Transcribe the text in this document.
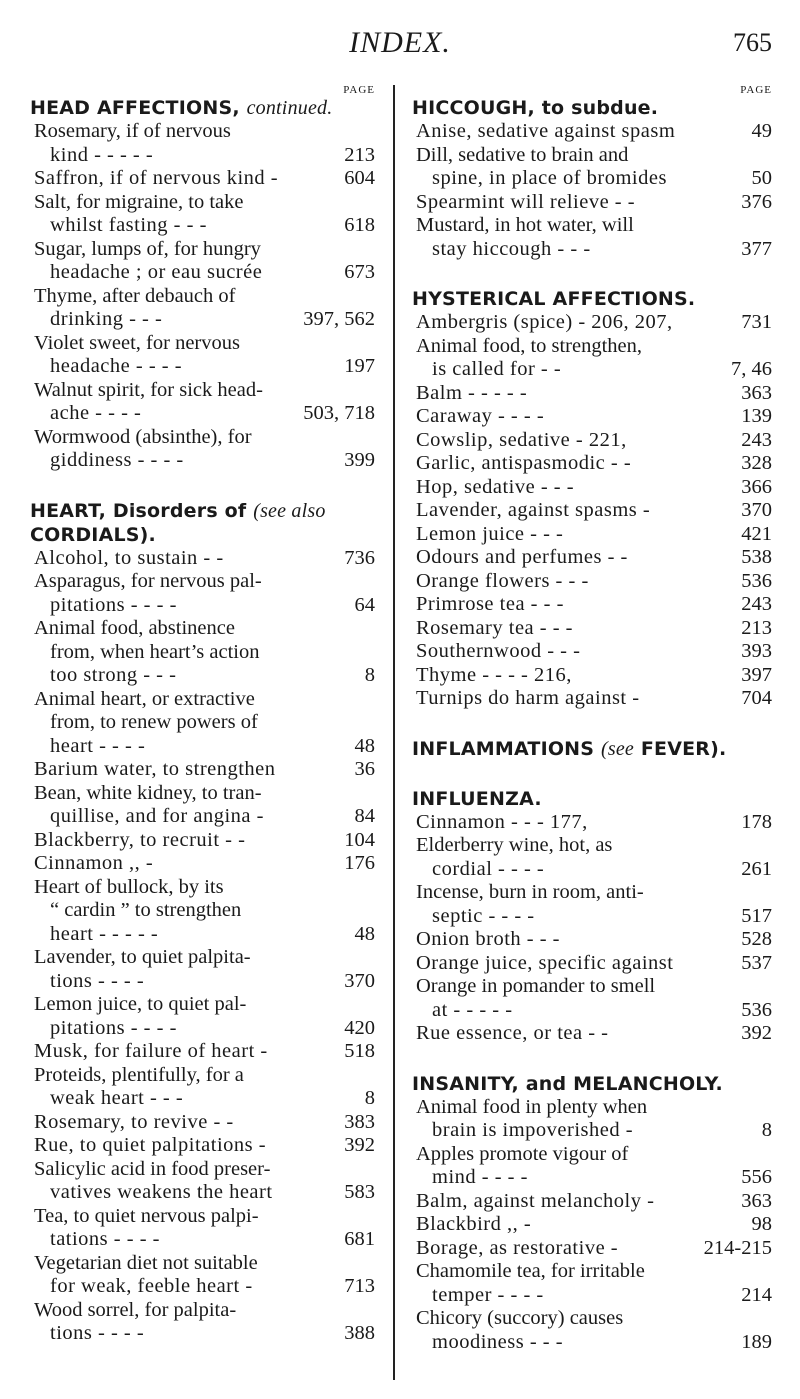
INDEX.	765
PAGE
HEAD AFFECTIONS, continued.
Rosemary, if of nervous
kind - - - - -	213
Saffron, if of nervous kind -	604
Salt, for migraine, to take
whilst fasting - - -	618
Sugar, lumps of, for hungry
headache ; or eau sucrée	673
Thyme, after debauch of
drinking - - -	397, 562
Violet sweet, for nervous
headache - - - -	197
Walnut spirit, for sick head-
ache - - - -	503, 718
Wormwood (absinthe), for
giddiness - - - -	399
HEART, Disorders of (see also
CORDIALS).
Alcohol, to sustain - -	736
Asparagus, for nervous pal-
pitations - - - -	64
Animal food, abstinence
from, when heart’s action
too strong - - -	8
Animal heart, or extractive
from, to renew powers of
heart - - - -	48
Barium water, to strengthen	36
Bean, white kidney, to tran-
quillise, and for angina -	84
Blackberry, to recruit - -	104
Cinnamon ,, -	176
Heart of bullock, by its
“ cardin ” to strengthen
heart - - - - -	48
Lavender, to quiet palpita-
tions - - - -	370
Lemon juice, to quiet pal-
pitations - - - -	420
Musk, for failure of heart -	518
Proteids, plentifully, for a
weak heart - - -	8
Rosemary, to revive - -	383
Rue, to quiet palpitations -	392
Salicylic acid in food preser-
vatives weakens the heart	583
Tea, to quiet nervous palpi-
tations - - - -	681
Vegetarian diet not suitable
for weak, feeble heart -	713
Wood sorrel, for palpita-
tions - - - -	388
PAGE
HICCOUGH, to subdue.
Anise, sedative against spasm	49
Dill, sedative to brain and
spine, in place of bromides	50
Spearmint will relieve - -	376
Mustard, in hot water, will
stay hiccough - - -	377
HYSTERICAL AFFECTIONS.
Ambergris (spice) - 206, 207,	731
Animal food, to strengthen,
is called for - -	7, 46
Balm - - - - -	363
Caraway - - - -	139
Cowslip, sedative - 221,	243
Garlic, antispasmodic - -	328
Hop, sedative - - -	366
Lavender, against spasms -	370
Lemon juice - - -	421
Odours and perfumes - -	538
Orange flowers - - -	536
Primrose tea - - -	243
Rosemary tea - - -	213
Southernwood - - -	393
Thyme - - - - 216,	397
Turnips do harm against -	704
INFLAMMATIONS (see FEVER).
INFLUENZA.
Cinnamon - - - 177,	178
Elderberry wine, hot, as
cordial - - - -	261
Incense, burn in room, anti-
septic - - - -	517
Onion broth - - -	528
Orange juice, specific against	537
Orange in pomander to smell
at - - - - -	536
Rue essence, or tea - -	392
INSANITY, and MELANCHOLY.
Animal food in plenty when
brain is impoverished -	8
Apples promote vigour of
mind - - - -	556
Balm, against melancholy -	363
Blackbird ,, -	98
Borage, as restorative -	214-215
Chamomile tea, for irritable
temper - - - -	214
Chicory (succory) causes
moodiness - - -	189
